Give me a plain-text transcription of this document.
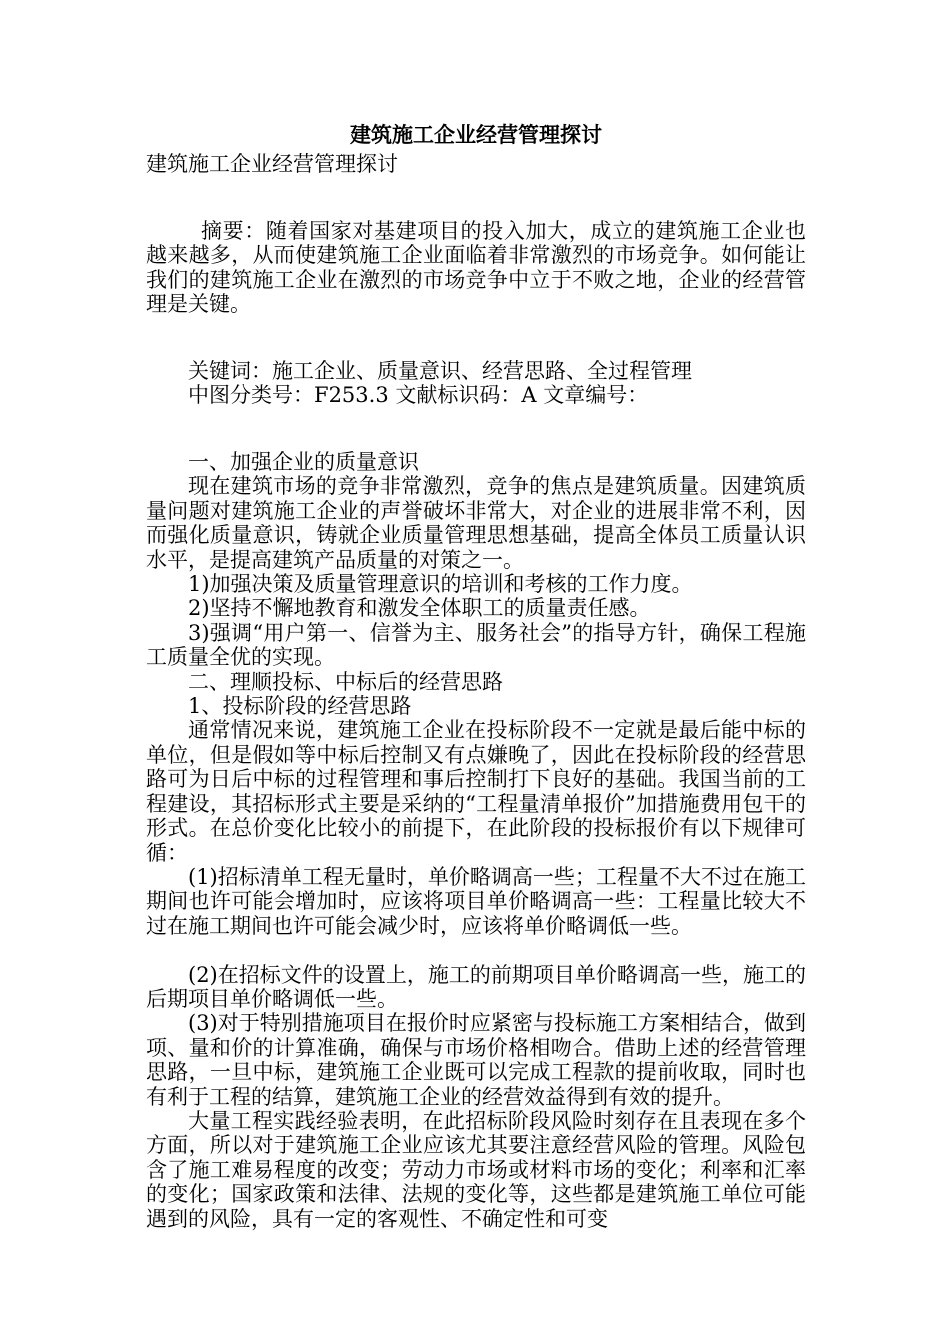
建筑施工企业经营管理探讨

建筑施工企业经营管理探讨

摘要：随着国家对基建项目的投入加大，成立的建筑施工企业也越来越多，从而使建筑施工企业面临着非常激烈的市场竞争。如何能让我们的建筑施工企业在激烈的市场竞争中立于不败之地，企业的经营管理是关键。

关键词：施工企业、质量意识、经营思路、全过程管理

中图分类号：F253.3 文献标识码：A 文章编号：

一、加强企业的质量意识

现在建筑市场的竞争非常激烈，竞争的焦点是建筑质量。因建筑质量问题对建筑施工企业的声誉破坏非常大，对企业的进展非常不利，因而强化质量意识，铸就企业质量管理思想基础，提高全体员工质量认识水平，是提高建筑产品质量的对策之一。

1)加强决策及质量管理意识的培训和考核的工作力度。

2)坚持不懈地教育和激发全体职工的质量责任感。

3)强调“用户第一、信誉为主、服务社会”的指导方针，确保工程施工质量全优的实现。

二、理顺投标、中标后的经营思路

1、投标阶段的经营思路

通常情况来说，建筑施工企业在投标阶段不一定就是最后能中标的单位，但是假如等中标后控制又有点嫌晚了，因此在投标阶段的经营思路可为日后中标的过程管理和事后控制打下良好的基础。我国当前的工程建设，其招标形式主要是采纳的“工程量清单报价”加措施费用包干的形式。在总价变化比较小的前提下，在此阶段的投标报价有以下规律可循：

(1)招标清单工程无量时，单价略调高一些；工程量不大不过在施工期间也许可能会增加时，应该将项目单价略调高一些：工程量比较大不过在施工期间也许可能会减少时，应该将单价略调低一些。

(2)在招标文件的设置上，施工的前期项目单价略调高一些，施工的后期项目单价略调低一些。

(3)对于特别措施项目在报价时应紧密与投标施工方案相结合，做到项、量和价的计算准确，确保与市场价格相吻合。借助上述的经营管理思路，一旦中标，建筑施工企业既可以完成工程款的提前收取，同时也有利于工程的结算，建筑施工企业的经营效益得到有效的提升。

大量工程实践经验表明，在此招标阶段风险时刻存在且表现在多个方面，所以对于建筑施工企业应该尤其要注意经营风险的管理。风险包含了施工难易程度的改变；劳动力市场或材料市场的变化；利率和汇率的变化；国家政策和法律、法规的变化等，这些都是建筑施工单位可能遇到的风险，具有一定的客观性、不确定性和可变
